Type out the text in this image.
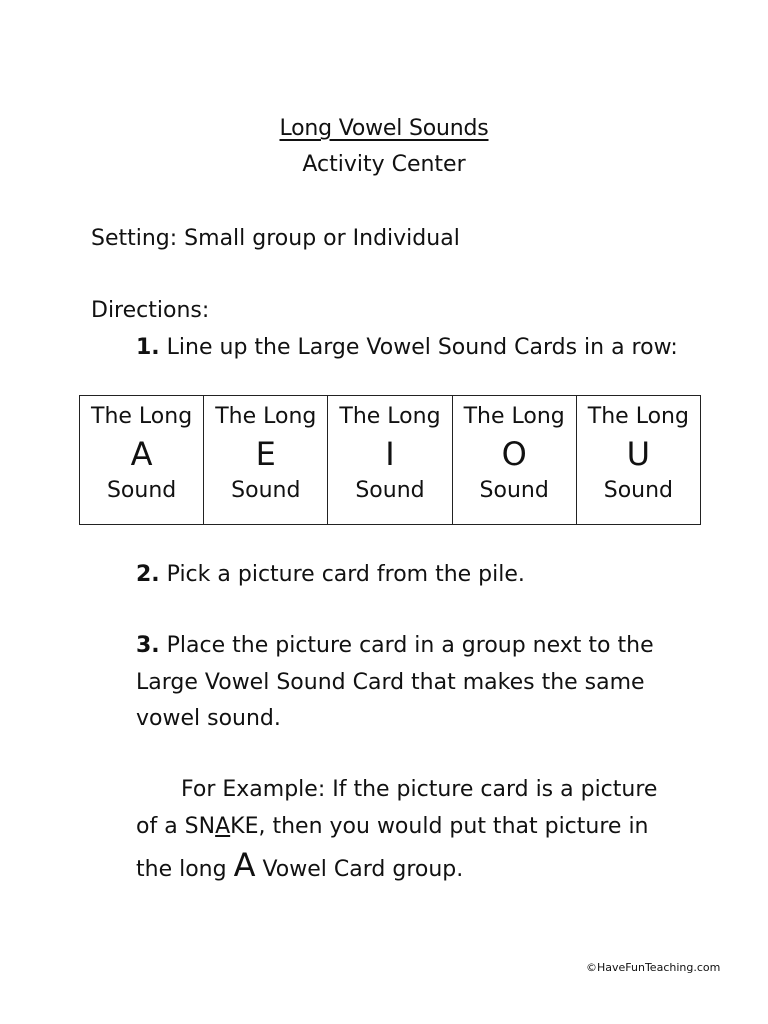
Long Vowel Sounds
Activity Center
Setting: Small group or Individual
Directions:
1. Line up the Large Vowel Sound Cards in a row:
The Long
A
Sound

The Long
E
Sound

The Long
I
Sound

The Long
O
Sound

The Long
U
Sound
2. Pick a picture card from the pile.
3. Place the picture card in a group next to the
Large Vowel Sound Card that makes the same
vowel sound.
For Example: If the picture card is a picture
of a SNAKE, then you would put that picture in
the long A Vowel Card group.
©HaveFunTeaching.com
